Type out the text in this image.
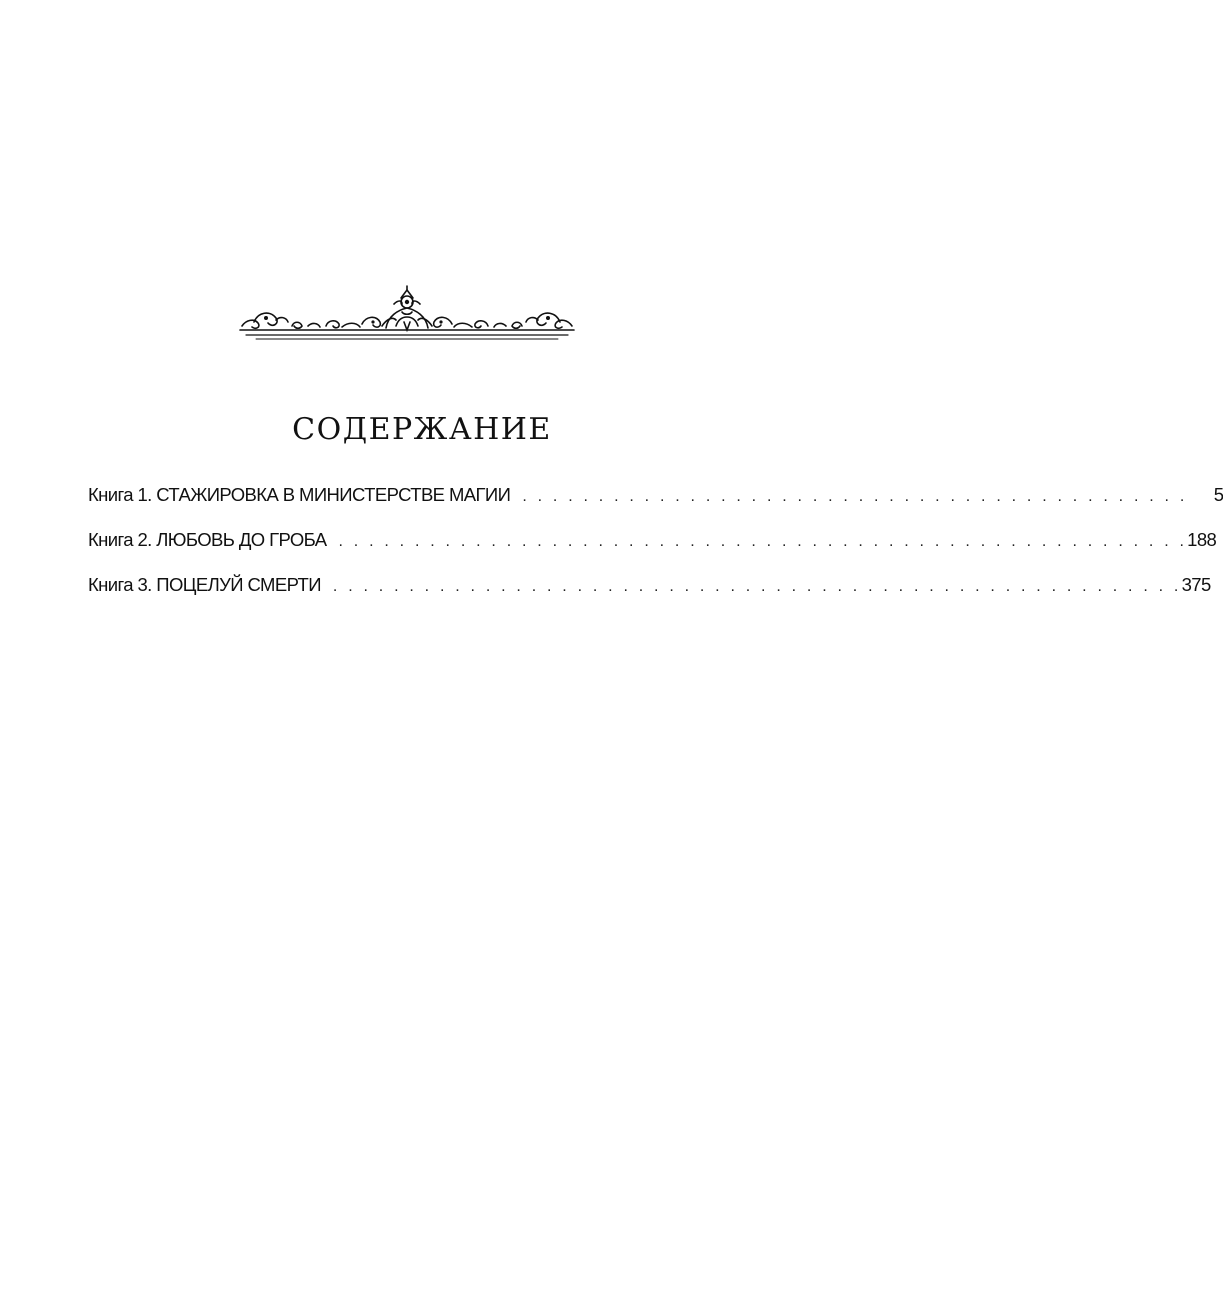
СОДЕРЖАНИЕ
Книга 1. СТАЖИРОВКА В МИНИСТЕРСТВЕ МАГИИ . . . . . . . . . . . . . . . . . . . . . . . . . . . . . . . . . . . . . . . . . . . .	5
Книга 2. ЛЮБОВЬ ДО ГРОБА . . . . . . . . . . . . . . . . . . . . . . . . . . . . . . . . . . . . . . . . . . . . . . . . . . . . . . . . 188
Книга 3. ПОЦЕЛУЙ СМЕРТИ . . . . . . . . . . . . . . . . . . . . . . . . . . . . . . . . . . . . . . . . . . . . . . . . . . . . . . . . 375
